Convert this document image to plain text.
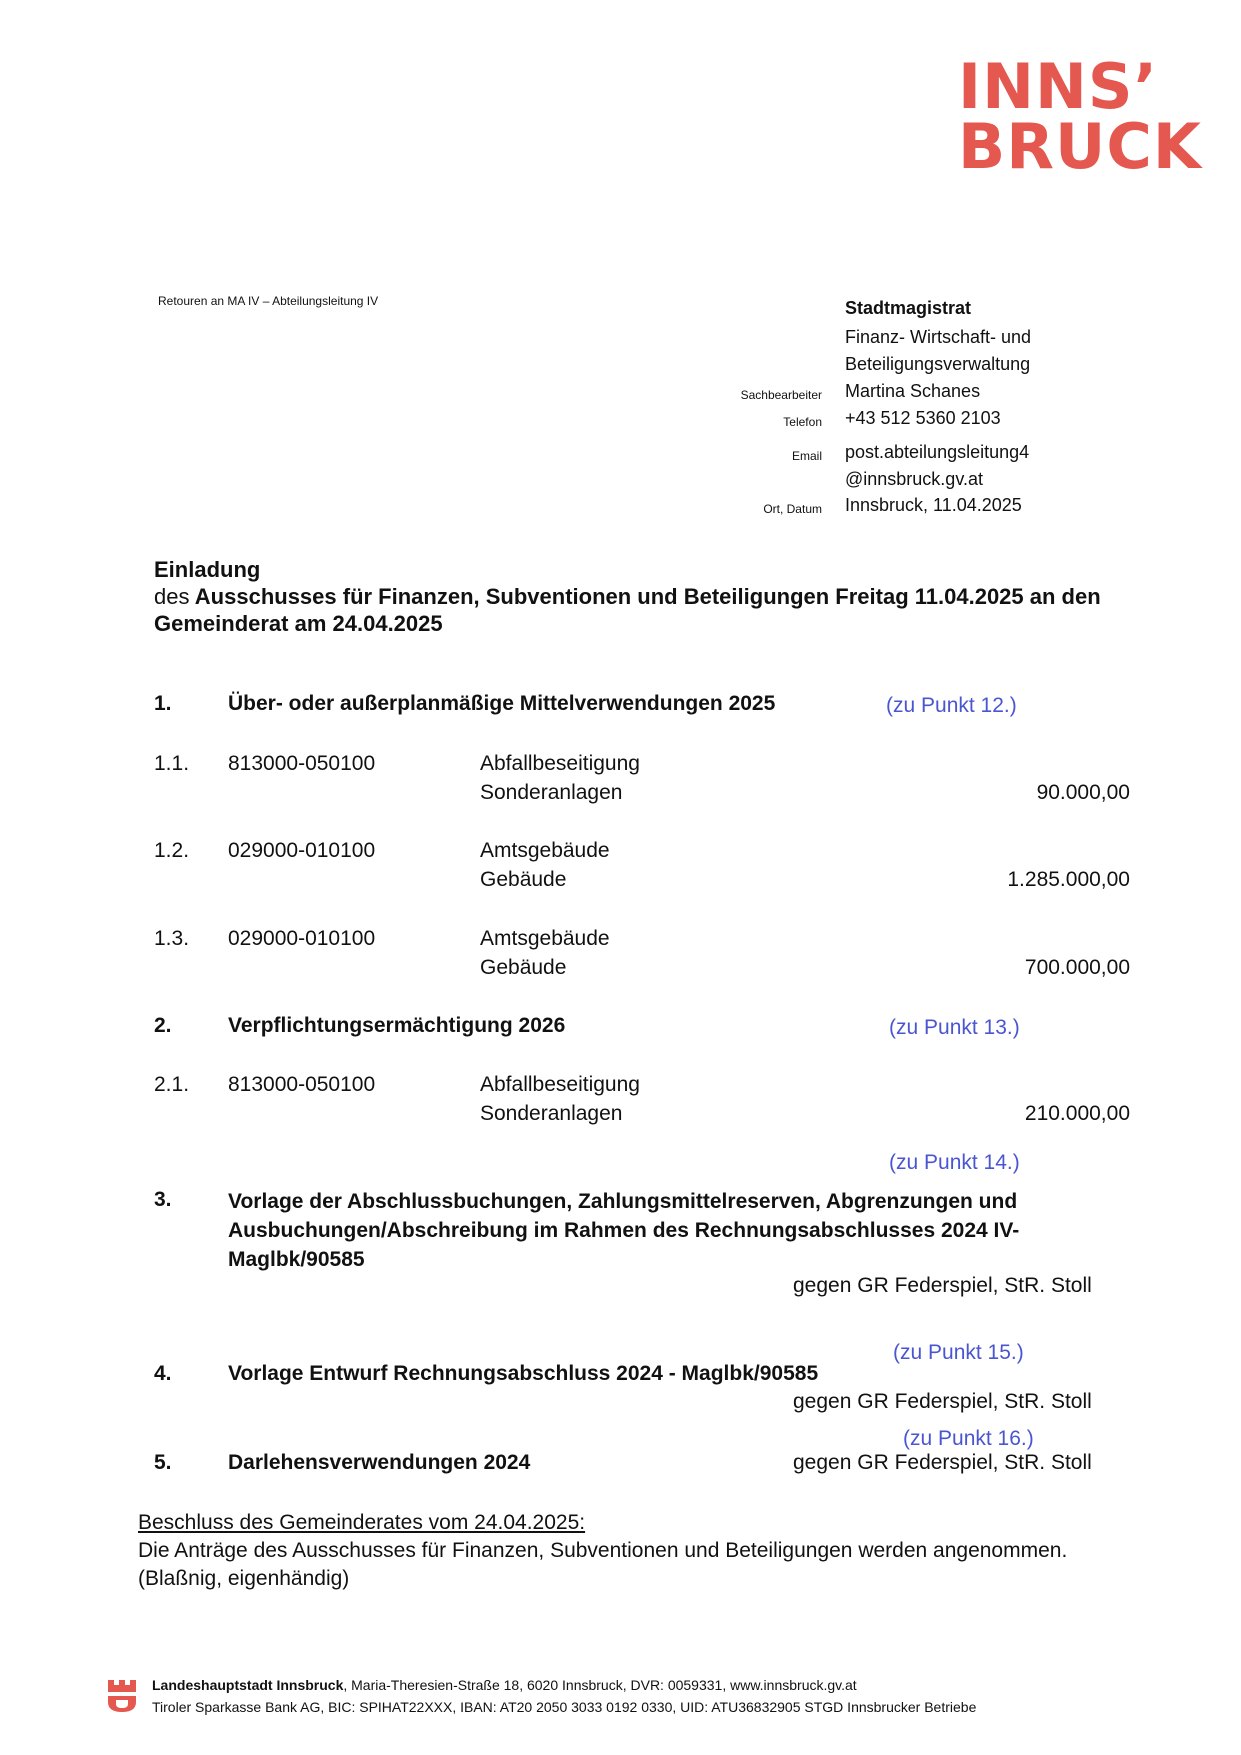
INNS’
BRUCK
Retouren an MA IV – Abteilungsleitung IV	Stadtmagistrat
Finanz- Wirtschaft- und
Beteiligungsverwaltung
Sachbearbeiter Martina Schanes
Telefon +43 512 5360 2103
Email post.abteilungsleitung4
@innsbruck.gv.at
Ort, Datum Innsbruck, 11.04.2025
Einladung
des Ausschusses für Finanzen, Subventionen und Beteiligungen Freitag 11.04.2025 an den Gemeinderat am 24.04.2025
1.	Über- oder außerplanmäßige Mittelverwendungen 2025	(zu Punkt 12.)
1.1. 813000-050100	Abfallbeseitigung
Sonderanlagen	90.000,00
1.2. 029000-010100	Amtsgebäude
Gebäude	1.285.000,00
1.3. 029000-010100	Amtsgebäude
Gebäude	700.000,00
2.	Verpflichtungsermächtigung 2026	(zu Punkt 13.)
2.1. 813000-050100	Abfallbeseitigung
Sonderanlagen	210.000,00
(zu Punkt 14.)
3.	Vorlage der Abschlussbuchungen, Zahlungsmittelreserven, Abgrenzungen und Ausbuchungen/Abschreibung im Rahmen des Rechnungsabschlusses 2024 IV-Maglbk/90585
gegen GR Federspiel, StR. Stoll
(zu Punkt 15.)
4.	Vorlage Entwurf Rechnungsabschluss 2024 - Maglbk/90585
gegen GR Federspiel, StR. Stoll
(zu Punkt 16.)
5.	Darlehensverwendungen 2024	gegen GR Federspiel, StR. Stoll
Beschluss des Gemeinderates vom 24.04.2025:
Die Anträge des Ausschusses für Finanzen, Subventionen und Beteiligungen werden angenommen.
(Blaßnig, eigenhändig)
Landeshauptstadt Innsbruck, Maria-Theresien-Straße 18, 6020 Innsbruck, DVR: 0059331, www.innsbruck.gv.at
Tiroler Sparkasse Bank AG, BIC: SPIHAT22XXX, IBAN: AT20 2050 3033 0192 0330, UID: ATU36832905 STGD Innsbrucker Betriebe
